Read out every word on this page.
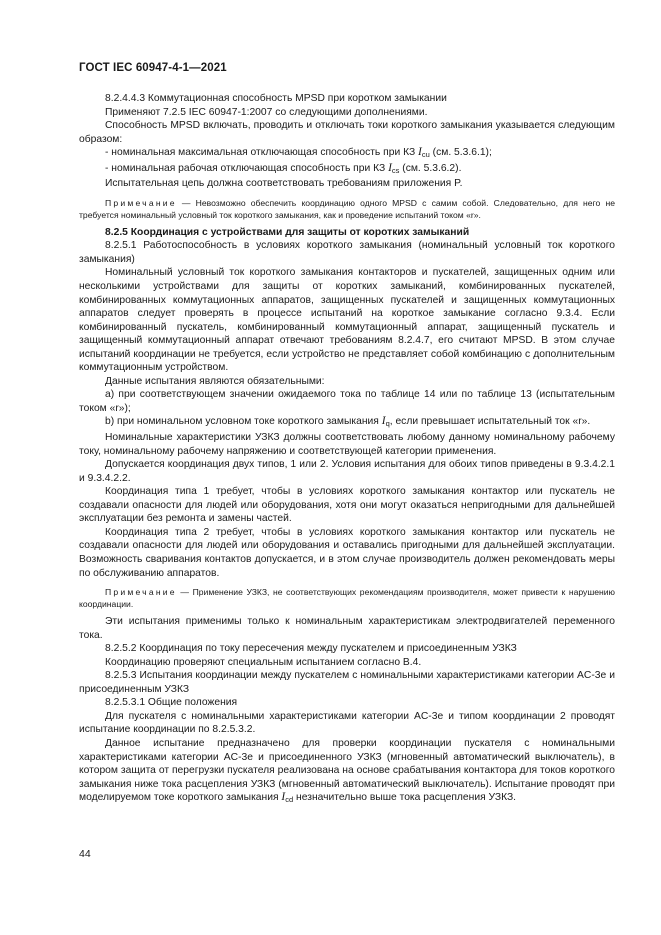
ГОСТ IEC 60947-4-1—2021

8.2.4.4.3 Коммутационная способность MPSD при коротком замыкании

Применяют 7.2.5 IEC 60947-1:2007 со следующими дополнениями.

Способность MPSD включать, проводить и отключать токи короткого замыкания указывается следующим образом:

- номинальная максимальная отключающая способность при КЗ $I_{cu}$ (см. 5.3.6.1);

- номинальная рабочая отключающая способность при КЗ $I_{cs}$ (см. 5.3.6.2).

Испытательная цепь должна соответствовать требованиям приложения P.

Примечание — Невозможно обеспечить координацию одного MPSD с самим собой. Следовательно, для него не требуется номинальный условный ток короткого замыкания, как и проведение испытаний током «r».

8.2.5 Координация с устройствами для защиты от коротких замыканий

8.2.5.1 Работоспособность в условиях короткого замыкания (номинальный условный ток короткого замыкания)

Номинальный условный ток короткого замыкания контакторов и пускателей, защищенных одним или несколькими устройствами для защиты от коротких замыканий, комбинированных пускателей, комбинированных коммутационных аппаратов, защищенных пускателей и защищенных коммутационных аппаратов следует проверять в процессе испытаний на короткое замыкание согласно 9.3.4. Если комбинированный пускатель, комбинированный коммутационный аппарат, защищенный пускатель и защищенный коммутационный аппарат отвечают требованиям 8.2.4.7, его считают MPSD. В этом случае испытаний координации не требуется, если устройство не представляет собой комбинацию с дополнительным коммутационным устройством.

Данные испытания являются обязательными:

a) при соответствующем значении ожидаемого тока по таблице 14 или по таблице 13 (испытательным током «r»);

b) при номинальном условном токе короткого замыкания $I_q$, если превышает испытательный ток «r».

Номинальные характеристики УЗКЗ должны соответствовать любому данному номинальному рабочему току, номинальному рабочему напряжению и соответствующей категории применения.

Допускается координация двух типов, 1 или 2. Условия испытания для обоих типов приведены в 9.3.4.2.1 и 9.3.4.2.2.

Координация типа 1 требует, чтобы в условиях короткого замыкания контактор или пускатель не создавали опасности для людей или оборудования, хотя они могут оказаться непригодными для дальнейшей эксплуатации без ремонта и замены частей.

Координация типа 2 требует, чтобы в условиях короткого замыкания контактор или пускатель не создавали опасности для людей или оборудования и оставались пригодными для дальнейшей эксплуатации. Возможность сваривания контактов допускается, и в этом случае производитель должен рекомендовать меры по обслуживанию аппаратов.

Примечание — Применение УЗКЗ, не соответствующих рекомендациям производителя, может привести к нарушению координации.

Эти испытания применимы только к номинальным характеристикам электродвигателей переменного тока.

8.2.5.2 Координация по току пересечения между пускателем и присоединенным УЗКЗ

Координацию проверяют специальным испытанием согласно B.4.

8.2.5.3 Испытания координации между пускателем с номинальными характеристиками категории AC-3e и присоединенным УЗКЗ

8.2.5.3.1 Общие положения

Для пускателя с номинальными характеристиками категории AC-3e и типом координации 2 проводят испытание координации по 8.2.5.3.2.

Данное испытание предназначено для проверки координации пускателя с номинальными характеристиками категории AC-3e и присоединенного УЗКЗ (мгновенный автоматический выключатель), в котором защита от перегрузки пускателя реализована на основе срабатывания контактора для токов короткого замыкания ниже тока расцепления УЗКЗ (мгновенный автоматический выключатель). Испытание проводят при моделируемом токе короткого замыкания $I_{cd}$ незначительно выше тока расцепления УЗКЗ.

44
